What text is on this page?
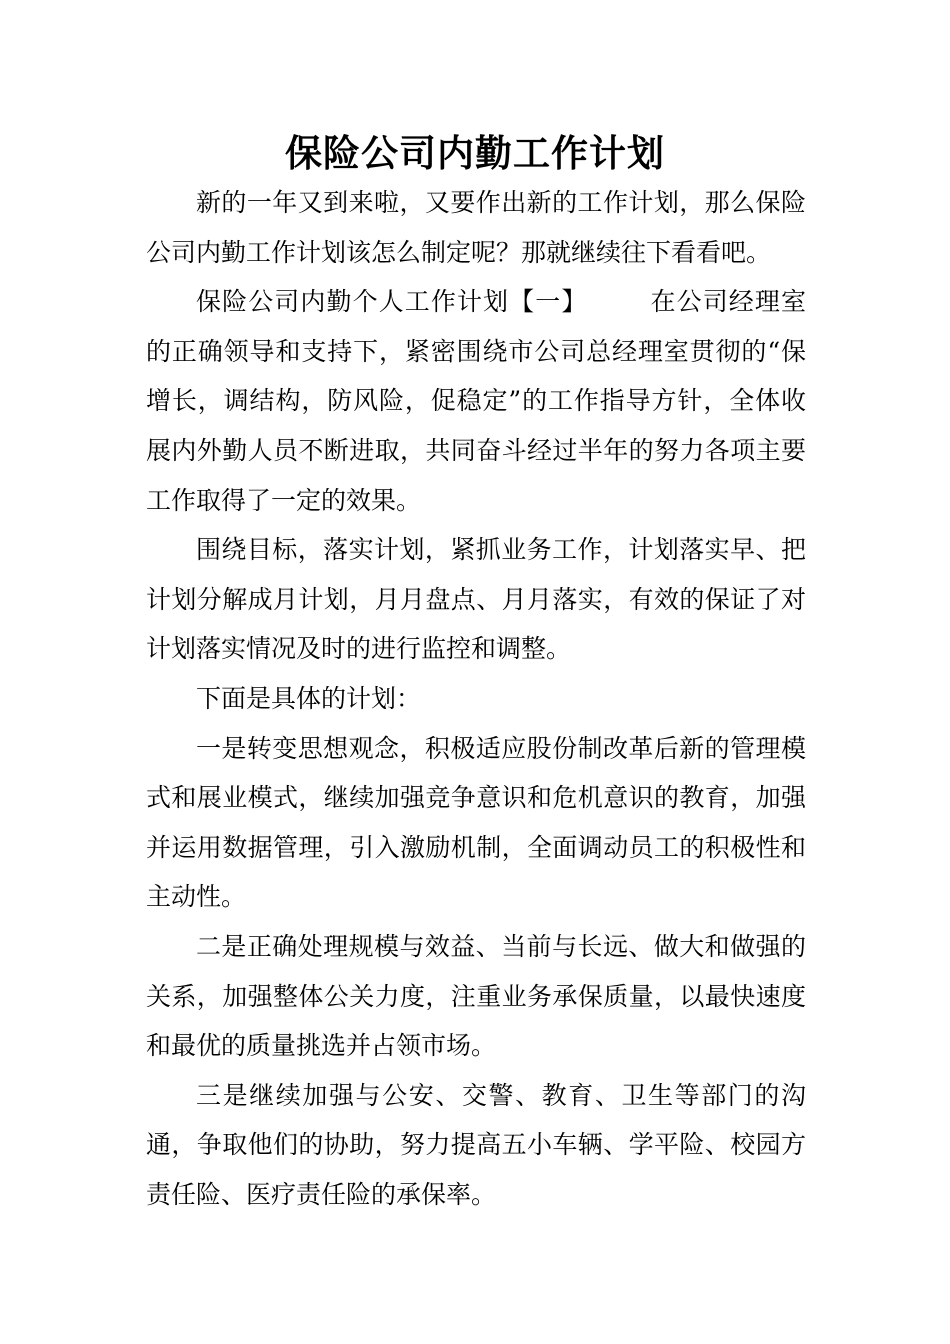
保险公司内勤工作计划

新的一年又到来啦，又要作出新的工作计划，那么保险公司内勤工作计划该怎么制定呢？那就继续往下看看吧。

保险公司内勤个人工作计划【一】 在公司经理室的正确领导和支持下，紧密围绕市公司总经理室贯彻的“保增长，调结构，防风险，促稳定”的工作指导方针，全体收展内外勤人员不断进取，共同奋斗经过半年的努力各项主要工作取得了一定的效果。

围绕目标，落实计划，紧抓业务工作，计划落实早、把计划分解成月计划，月月盘点、月月落实，有效的保证了对计划落实情况及时的进行监控和调整。

下面是具体的计划：

一是转变思想观念，积极适应股份制改革后新的管理模式和展业模式，继续加强竞争意识和危机意识的教育，加强并运用数据管理，引入激励机制，全面调动员工的积极性和主动性。

二是正确处理规模与效益、当前与长远、做大和做强的关系，加强整体公关力度，注重业务承保质量，以最快速度和最优的质量挑选并占领市场。

三是继续加强与公安、交警、教育、卫生等部门的沟通，争取他们的协助，努力提高五小车辆、学平险、校园方责任险、医疗责任险的承保率。
